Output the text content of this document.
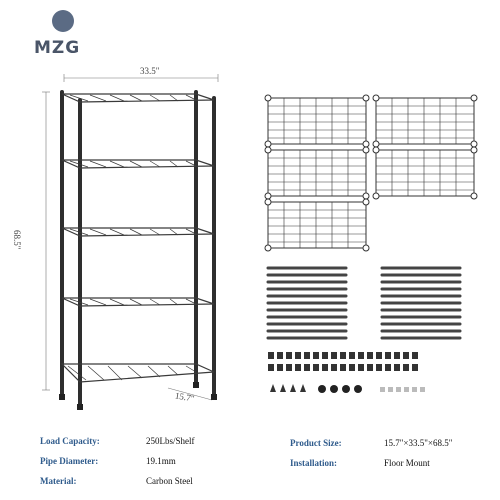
MZG
33.5"
68.5"
15.7"
Load Capacity:	250Lbs/Shelf
Pipe Diameter:	19.1mm
Material:	Carbon Steel
Product Size:	15.7"×33.5"×68.5"
Installation:	Floor Mount
